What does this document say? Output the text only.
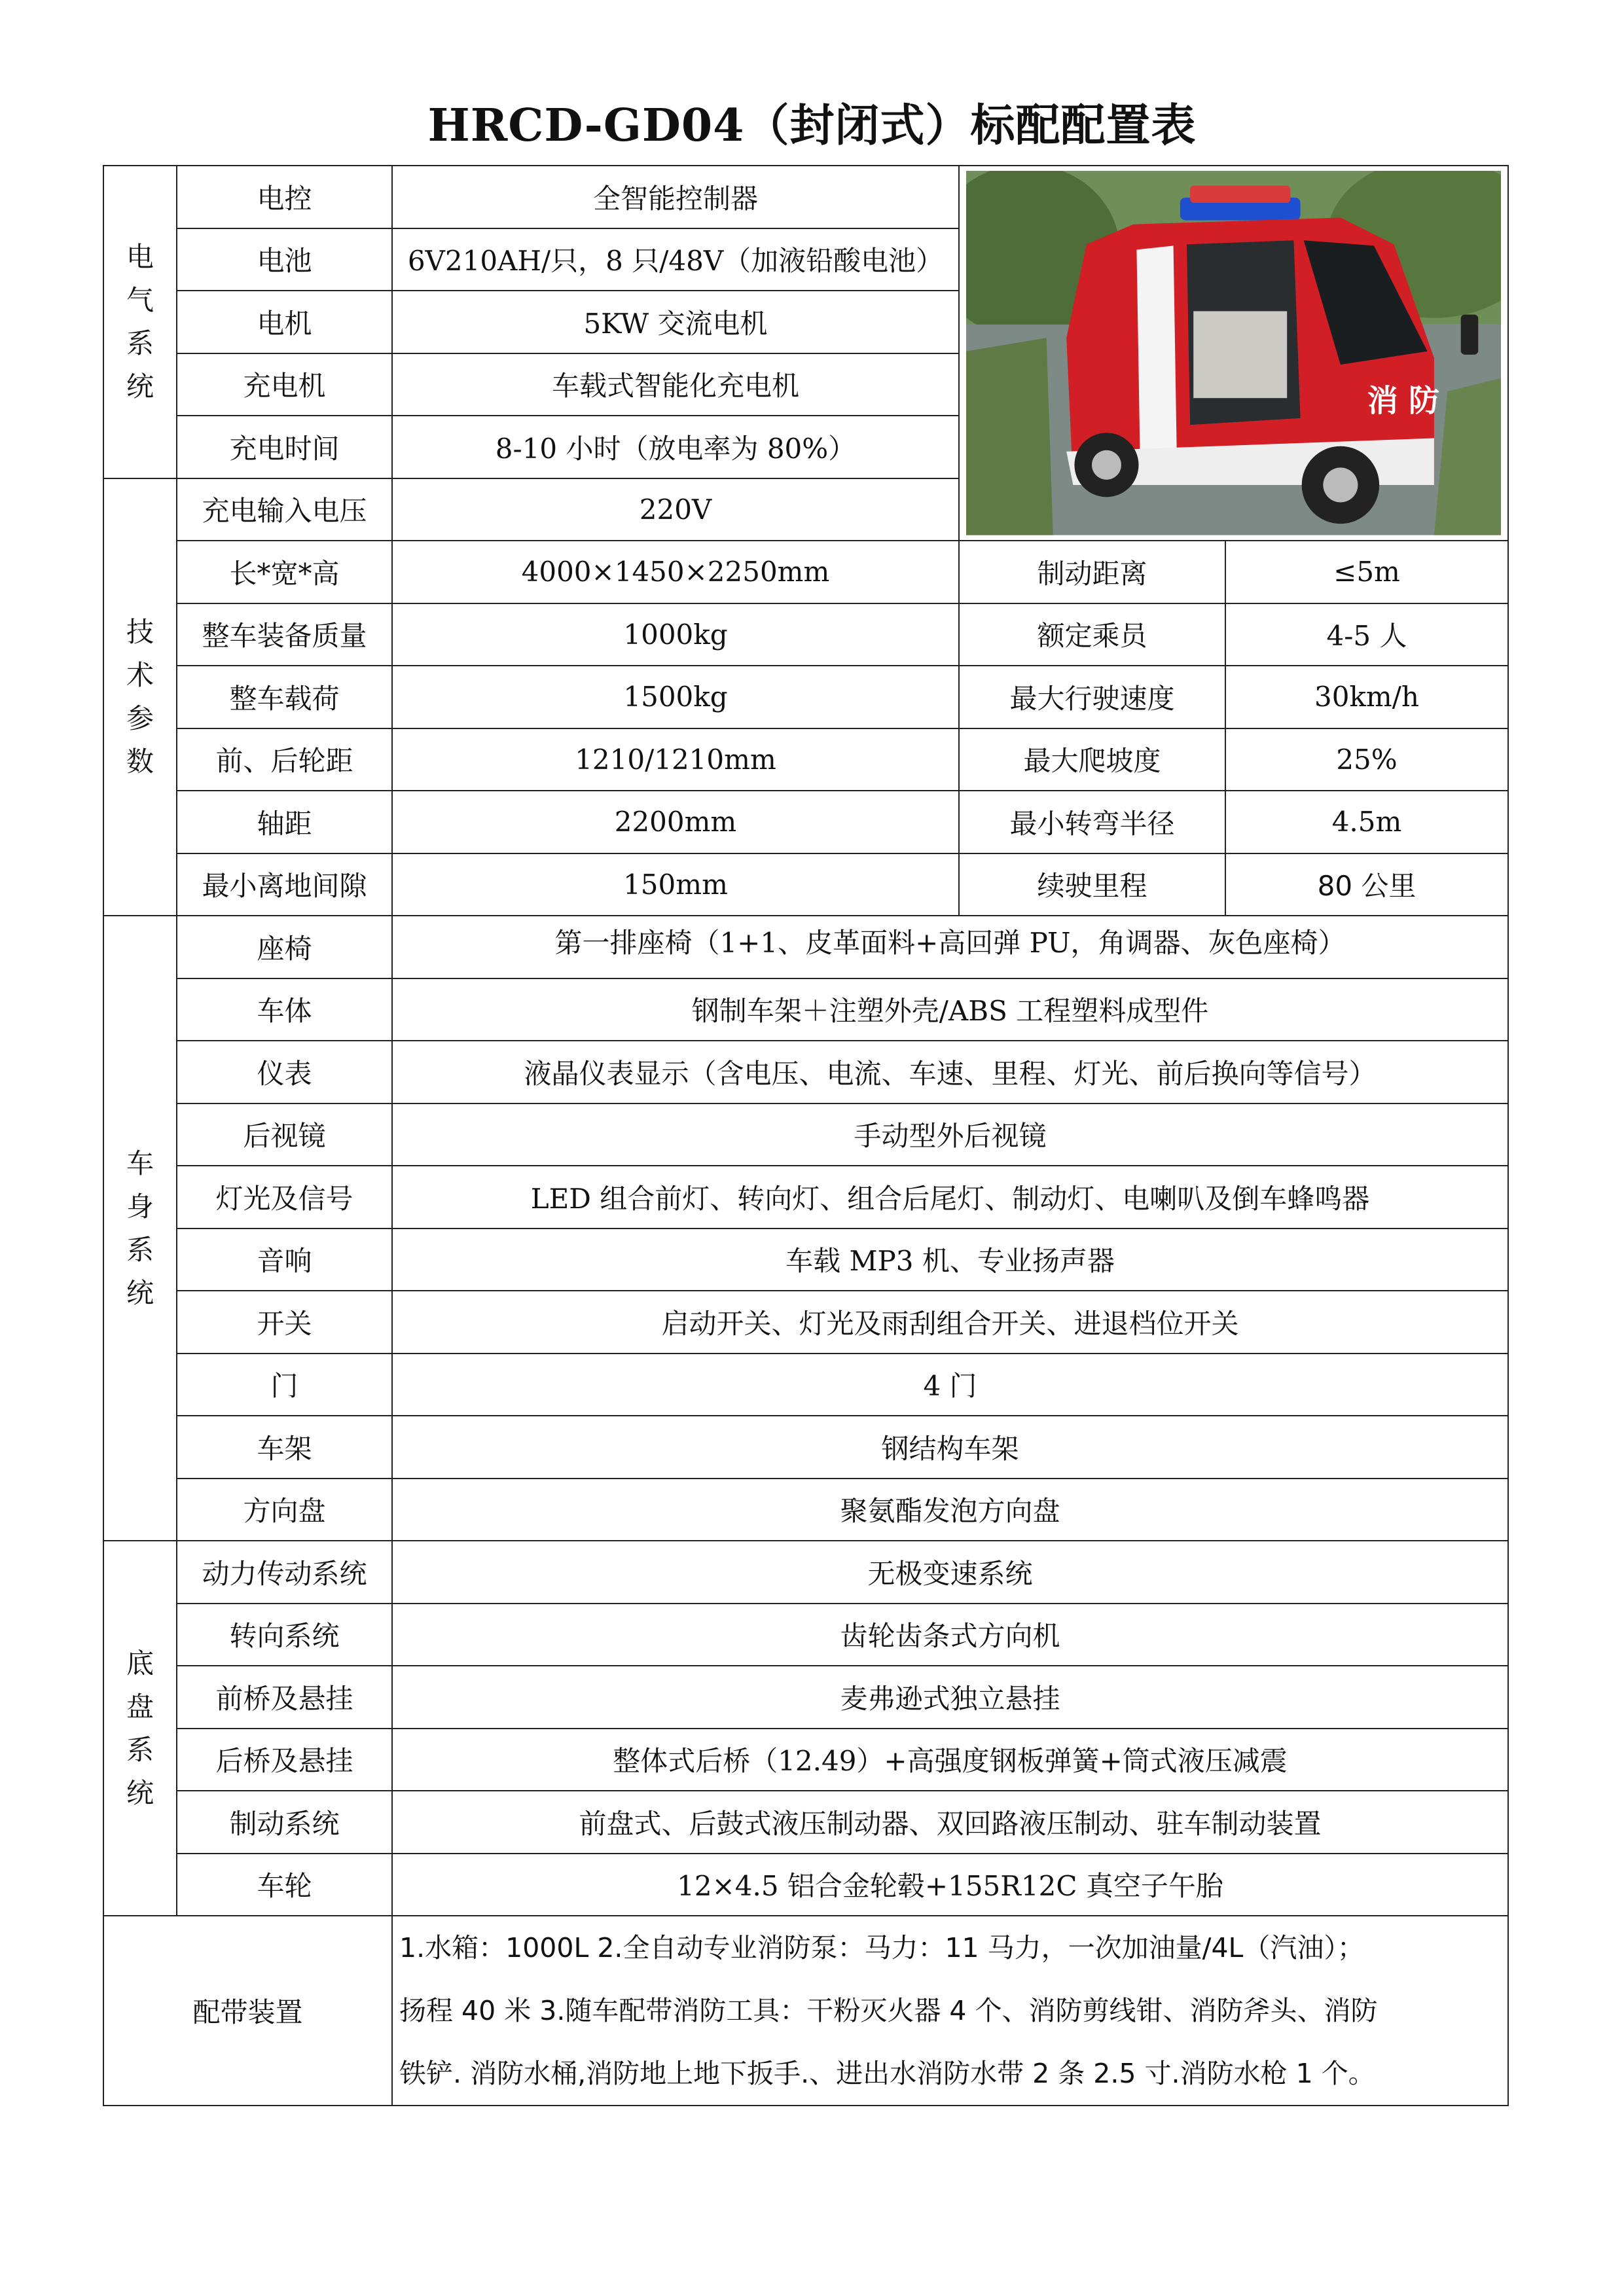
HRCD-GD04（封闭式）标配配置表
电
气
系
统	电控	全智能控制器	消 防	

	电池	6V210AH/只，8 只/48V（加液铅酸电池）		
	电机	5KW 交流电机		
	充电机	车载式智能化充电机		
	充电时间	8-10 小时（放电率为 80%）		

技
术
参
数	充电输入电压	220V		
	长*宽*高	4000×1450×2250mm	制动距离	≤5m
	整车装备质量	1000kg	额定乘员	4-5 人
	整车载荷	1500kg	最大行驶速度	30km/h
	前、后轮距	1210/1210mm	最大爬坡度	25%
	轴距	2200mm	最小转弯半径	4.5m
	最小离地间隙	150mm	续驶里程	80 公里

车
身
系
统	座椅	第一排座椅（1+1、皮革面料+高回弹 PU，角调器、灰色座椅）		
	车体	钢制车架＋注塑外壳/ABS 工程塑料成型件		
	仪表	液晶仪表显示（含电压、电流、车速、里程、灯光、前后换向等信号）		
	后视镜	手动型外后视镜		
	灯光及信号	LED 组合前灯、转向灯、组合后尾灯、制动灯、电喇叭及倒车蜂鸣器		
	音响	车载 MP3 机、专业扬声器		
	开关	启动开关、灯光及雨刮组合开关、进退档位开关		
	门	4 门		
	车架	钢结构车架		
	方向盘	聚氨酯发泡方向盘		

底
盘
系
统	动力传动系统	无极变速系统		
	转向系统	齿轮齿条式方向机		
	前桥及悬挂	麦弗逊式独立悬挂		
	后桥及悬挂	整体式后桥（12.49）+高强度钢板弹簧+筒式液压减震		
	制动系统	前盘式、后鼓式液压制动器、双回路液压制动、驻车制动装置		
	车轮	12×4.5 铝合金轮毂+155R12C 真空子午胎		
配带装置		1.水箱：1000L 2.全自动专业消防泵：马力：11 马力，一次加油量/4L（汽油）；
扬程 40 米 3.随车配带消防工具：干粉灭火器 4 个、消防剪线钳、消防斧头、消防
铁铲. 消防水桶,消防地上地下扳手.、进出水消防水带 2 条 2.5 寸.消防水枪 1 个。		
